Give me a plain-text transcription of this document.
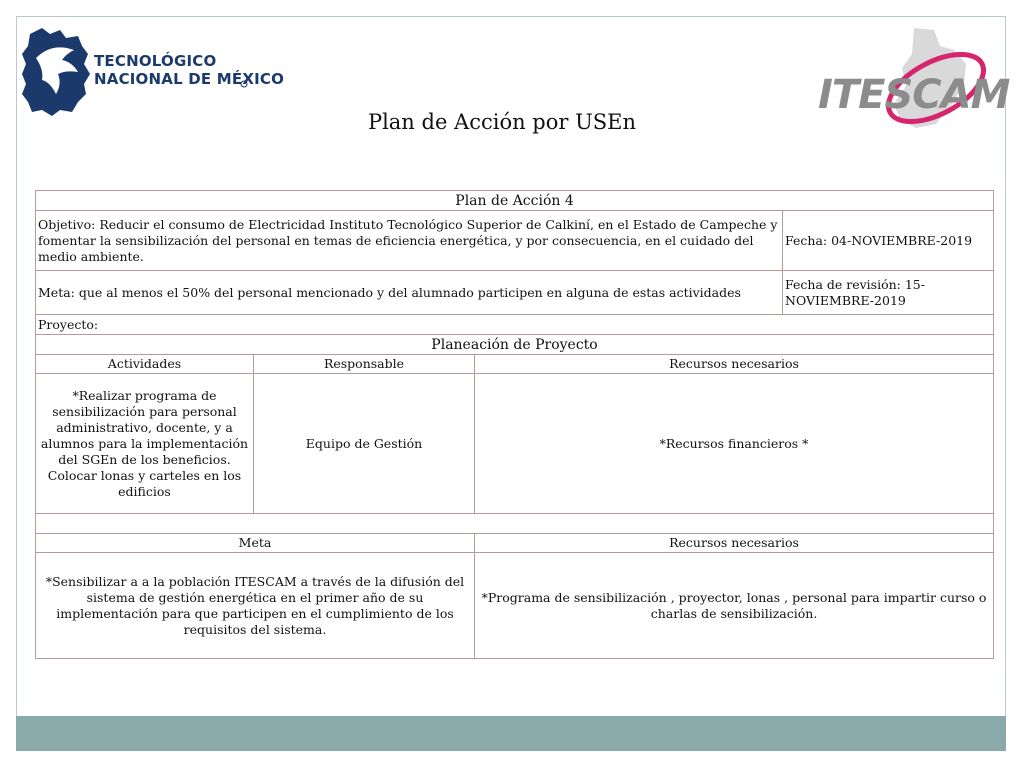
TECNOLÓGICO
NACIONAL DE MÉXICO	ITESCAM
Plan de Acción por USEn
Plan de Acción 4			
Objetivo: Reducir el consumo de Electricidad Instituto Tecnológico Superior de Calkiní, en el Estado de Campeche y fomentar la sensibilización del personal en temas de eficiencia energética, y por consecuencia, en el cuidado del medio ambiente.			Fecha: 04-NOVIEMBRE-2019
Meta: que al menos el 50% del personal mencionado y del alumnado participen en alguna de estas actividades			Fecha de revisión: 15-NOVIEMBRE-2019
Proyecto:			
Planeación de Proyecto			
Actividades	Responsable	Recursos necesarios	
*Realizar programa de sensibilización para personal administrativo, docente, y a alumnos para la implementación del SGEn de los beneficios. Colocar lonas y carteles en los edificios	Equipo de Gestión	*Recursos financieros *	

Meta		Recursos necesarios	
*Sensibilizar a a la población ITESCAM a través de la difusión del sistema de gestión energética en el primer año de su implementación para que participen en el cumplimiento de los requisitos del sistema.		*Programa de sensibilización , proyector, lonas , personal para impartir curso o charlas de sensibilización.	
